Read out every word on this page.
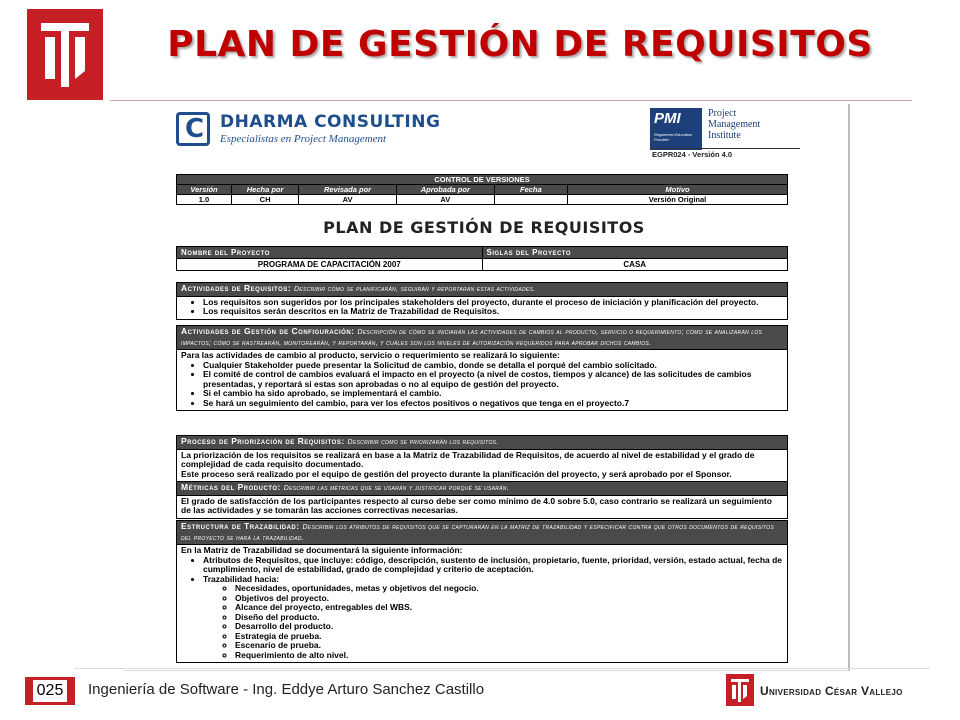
PLAN DE GESTIÓN DE REQUISITOS
C
DHARMA CONSULTING
Especialistas en Project Management
PMI
Registered Education Provider
Project
Management
Institute
EGPR024 - Versión 4.0
CONTROL DE VERSIONES					
Versión	Hecha por	Revisada por	Aprobada por	Fecha	Motivo
1.0	CH	AV	AV		Versión Original
PLAN DE GESTIÓN DE REQUISITOS
Nombre del Proyecto	Siglas del Proyecto
PROGRAMA DE CAPACITACIÓN 2007	CASA
Actividades de Requisitos: Describir cómo se planificarán, seguirán y reportarán estas actividades.
• Los requisitos son sugeridos por los principales stakeholders del proyecto, durante el proceso de iniciación y planificación del proyecto.
• Los requisitos serán descritos en la Matriz de Trazabilidad de Requisitos.
Actividades de Gestión de Configuración: Descripción de cómo se iniciarán las actividades de cambios al producto, servicio o requerimiento; cómo se analizarán los impactos; cómo se rastrearán, monitorearán, y reportarán, y cuáles son los niveles de autorización requeridos para aprobar dichos cambios.
Para las actividades de cambio al producto, servicio o requerimiento se realizará lo siguiente:
• Cualquier Stakeholder puede presentar la Solicitud de cambio, donde se detalla el porqué del cambio solicitado.
• El comité de control de cambios evaluará el impacto en el proyecto (a nivel de costos, tiempos y alcance) de las solicitudes de cambios presentadas, y reportará si estas son aprobadas o no al equipo de gestión del proyecto.
• Si el cambio ha sido aprobado, se implementará el cambio.
• Se hará un seguimiento del cambio, para ver los efectos positivos o negativos que tenga en el proyecto.7
Proceso de Priorización de Requisitos: Describir como se priorizarán los requisitos.
La priorización de los requisitos se realizará en base a la Matriz de Trazabilidad de Requisitos, de acuerdo al nivel de estabilidad y el grado de complejidad de cada requisito documentado.
Este proceso será realizado por el equipo de gestión del proyecto durante la planificación del proyecto, y será aprobado por el Sponsor.
Métricas del Producto: Describir las métricas que se usarán y justificar porqué se usarán.
El grado de satisfacción de los participantes respecto al curso debe ser como mínimo de 4.0 sobre 5.0, caso contrario se realizará un seguimiento de las actividades y se tomarán las acciones correctivas necesarias.
Estructura de Trazabilidad: Describir los atributos de requisitos que se capturarán en la matriz de trazabilidad y especificar contra que otros documentos de requisitos del proyecto se hará la trazabilidad.
En la Matriz de Trazabilidad se documentará la siguiente información:
• Atributos de Requisitos, que incluye: código, descripción, sustento de inclusión, propietario, fuente, prioridad, versión, estado actual, fecha de cumplimiento, nivel de estabilidad, grado de complejidad y criterio de aceptación.
• Trazabilidad hacia:
◦ Necesidades, oportunidades, metas y objetivos del negocio.
◦ Objetivos del proyecto.
◦ Alcance del proyecto, entregables del WBS.
◦ Diseño del producto.
◦ Desarrollo del producto.
◦ Estrategia de prueba.
◦ Escenario de prueba.
◦ Requerimiento de alto nivel.
025	Ingeniería de Software - Ing. Eddye Arturo Sanchez Castillo	Universidad César Vallejo
